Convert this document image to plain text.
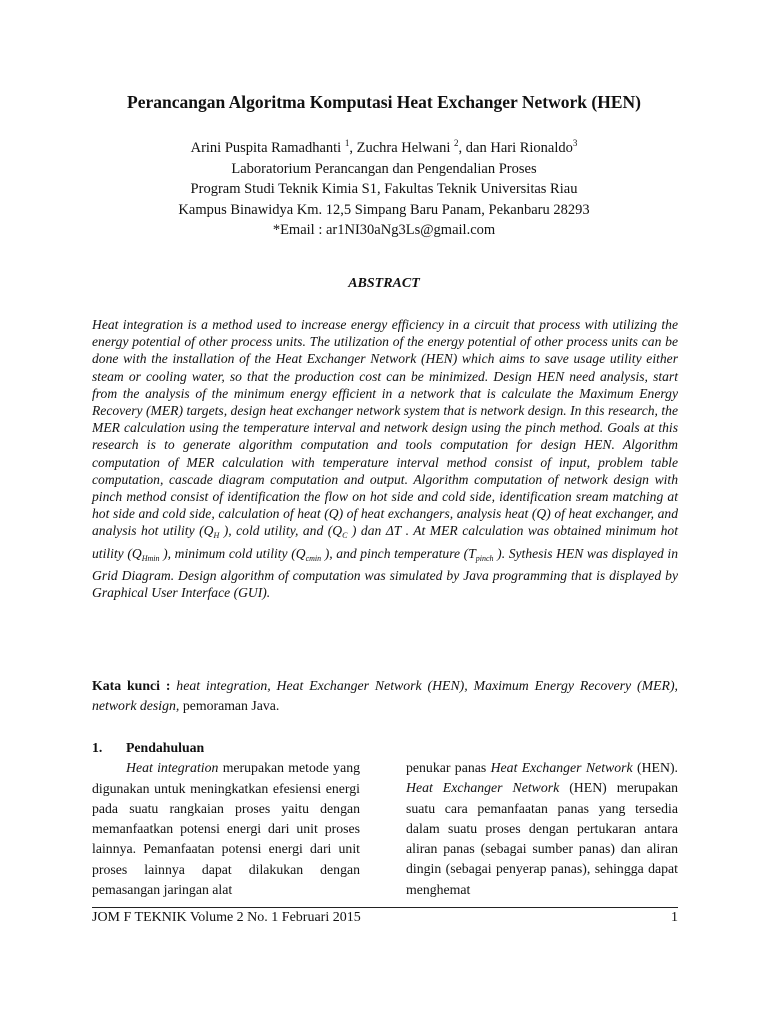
Perancangan Algoritma Komputasi Heat Exchanger Network (HEN)
Arini Puspita Ramadhanti $^1$, Zuchra Helwani $^2$, dan Hari Rionaldo$^3$
Laboratorium Perancangan dan Pengendalian Proses
Program Studi Teknik Kimia S1, Fakultas Teknik Universitas Riau
Kampus Binawidya Km. 12,5 Simpang Baru Panam, Pekanbaru 28293
*Email : ar1NI30aNg3Ls@gmail.com
ABSTRACT
Heat integration is a method used to increase energy efficiency in a circuit that process with utilizing the energy potential of other process units. The utilization of the energy potential of other process units can be done with the installation of the Heat Exchanger Network (HEN) which aims to save usage utility either steam or cooling water, so that the production cost can be minimized. Design HEN need analysis, start from the analysis of the minimum energy efficient in a network that is calculate the Maximum Energy Recovery (MER) targets, design heat exchanger network system that is network design. In this research, the MER calculation using the temperature interval and network design using the pinch method. Goals at this research is to generate algorithm computation and tools computation for design HEN. Algorithm computation of MER calculation with temperature interval method consist of input, problem table computation, cascade diagram computation and output. Algorithm computation of network design with pinch method consist of identification the flow on hot side and cold side, identification sream matching at hot side and cold side, calculation of heat (Q) of heat exchangers, analysis heat (Q) of heat exchanger, and analysis hot utility ($Q_H$ ), cold utility, and ($Q_C$ ) dan ΔT . At MER calculation was obtained minimum hot utility ($Q_{Hmin}$ ), minimum cold utility ($Q_{cmin}$ ), and pinch temperature ($T_{pinch}$ ). Sythesis HEN was displayed in Grid Diagram. Design algorithm of computation was simulated by Java programming that is displayed by Graphical User Interface (GUI).
Kata kunci : heat integration, Heat Exchanger Network (HEN), Maximum Energy Recovery (MER), network design, pemoraman Java.
1. Pendahuluan
Heat integration merupakan metode yang digunakan untuk meningkatkan efesiensi energi pada suatu rangkaian proses yaitu dengan memanfaatkan potensi energi dari unit proses lainnya. Pemanfaatan potensi energi dari unit proses lainnya dapat dilakukan dengan pemasangan jaringan alat
penukar panas Heat Exchanger Network (HEN). Heat Exchanger Network (HEN) merupakan suatu cara pemanfaatan panas yang tersedia dalam suatu proses dengan pertukaran antara aliran panas (sebagai sumber panas) dan aliran dingin (sebagai penyerap panas), sehingga dapat menghemat
JOM F TEKNIK Volume 2 No. 1 Februari 2015	1
